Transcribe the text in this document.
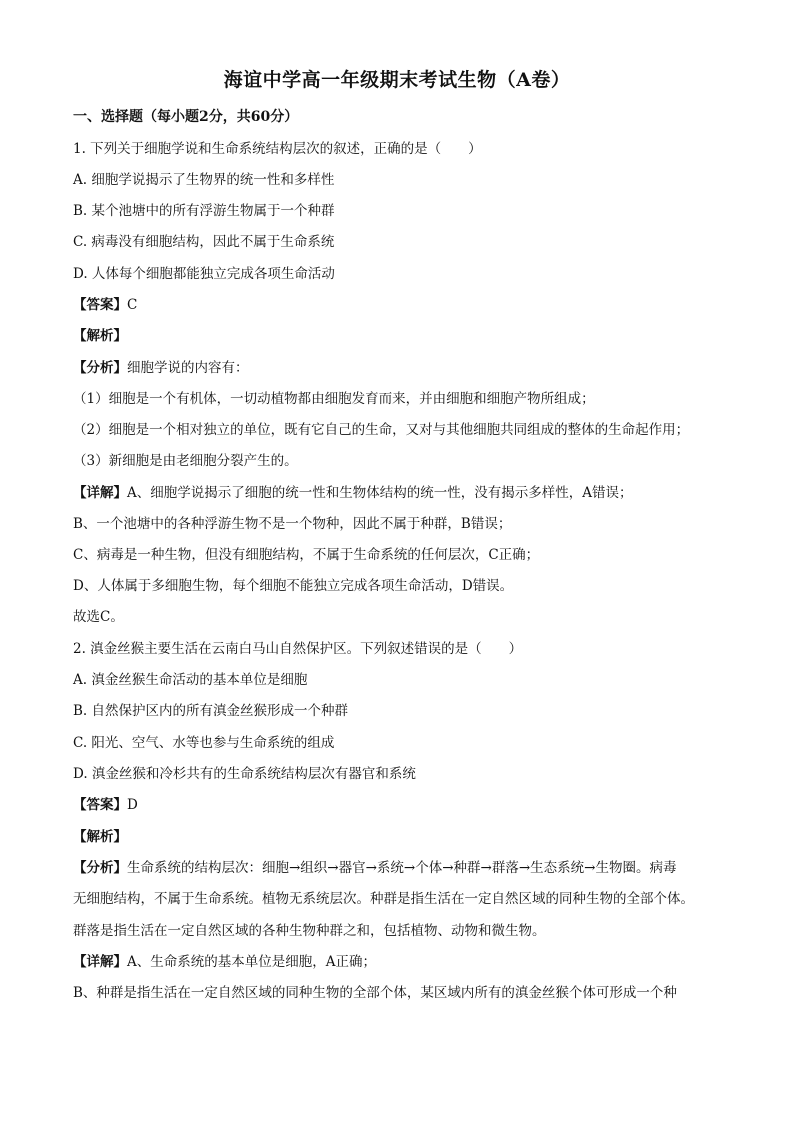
海谊中学高一年级期末考试生物（A卷）
一、选择题（每小题2分，共60分）
1. 下列关于细胞学说和生命系统结构层次的叙述，正确的是（　　）
A. 细胞学说揭示了生物界的统一性和多样性
B. 某个池塘中的所有浮游生物属于一个种群
C. 病毒没有细胞结构，因此不属于生命系统
D. 人体每个细胞都能独立完成各项生命活动
【答案】C
【解析】
【分析】细胞学说的内容有：
（1）细胞是一个有机体，一切动植物都由细胞发育而来，并由细胞和细胞产物所组成；
（2）细胞是一个相对独立的单位，既有它自己的生命，又对与其他细胞共同组成的整体的生命起作用；
（3）新细胞是由老细胞分裂产生的。
【详解】A、细胞学说揭示了细胞的统一性和生物体结构的统一性，没有揭示多样性，A错误；
B、一个池塘中的各种浮游生物不是一个物种，因此不属于种群，B错误；
C、病毒是一种生物，但没有细胞结构，不属于生命系统的任何层次，C正确；
D、人体属于多细胞生物，每个细胞不能独立完成各项生命活动，D错误。
故选C。
2. 滇金丝猴主要生活在云南白马山自然保护区。下列叙述错误的是（　　）
A. 滇金丝猴生命活动的基本单位是细胞
B. 自然保护区内的所有滇金丝猴形成一个种群
C. 阳光、空气、水等也参与生命系统的组成
D. 滇金丝猴和冷杉共有的生命系统结构层次有器官和系统
【答案】D
【解析】
【分析】生命系统的结构层次：细胞→组织→器官→系统→个体→种群→群落→生态系统→生物圈。病毒
无细胞结构，不属于生命系统。植物无系统层次。种群是指生活在一定自然区域的同种生物的全部个体。
群落是指生活在一定自然区域的各种生物种群之和，包括植物、动物和微生物。
【详解】A、生命系统的基本单位是细胞，A正确；
B、种群是指生活在一定自然区域的同种生物的全部个体，某区域内所有的滇金丝猴个体可形成一个种
